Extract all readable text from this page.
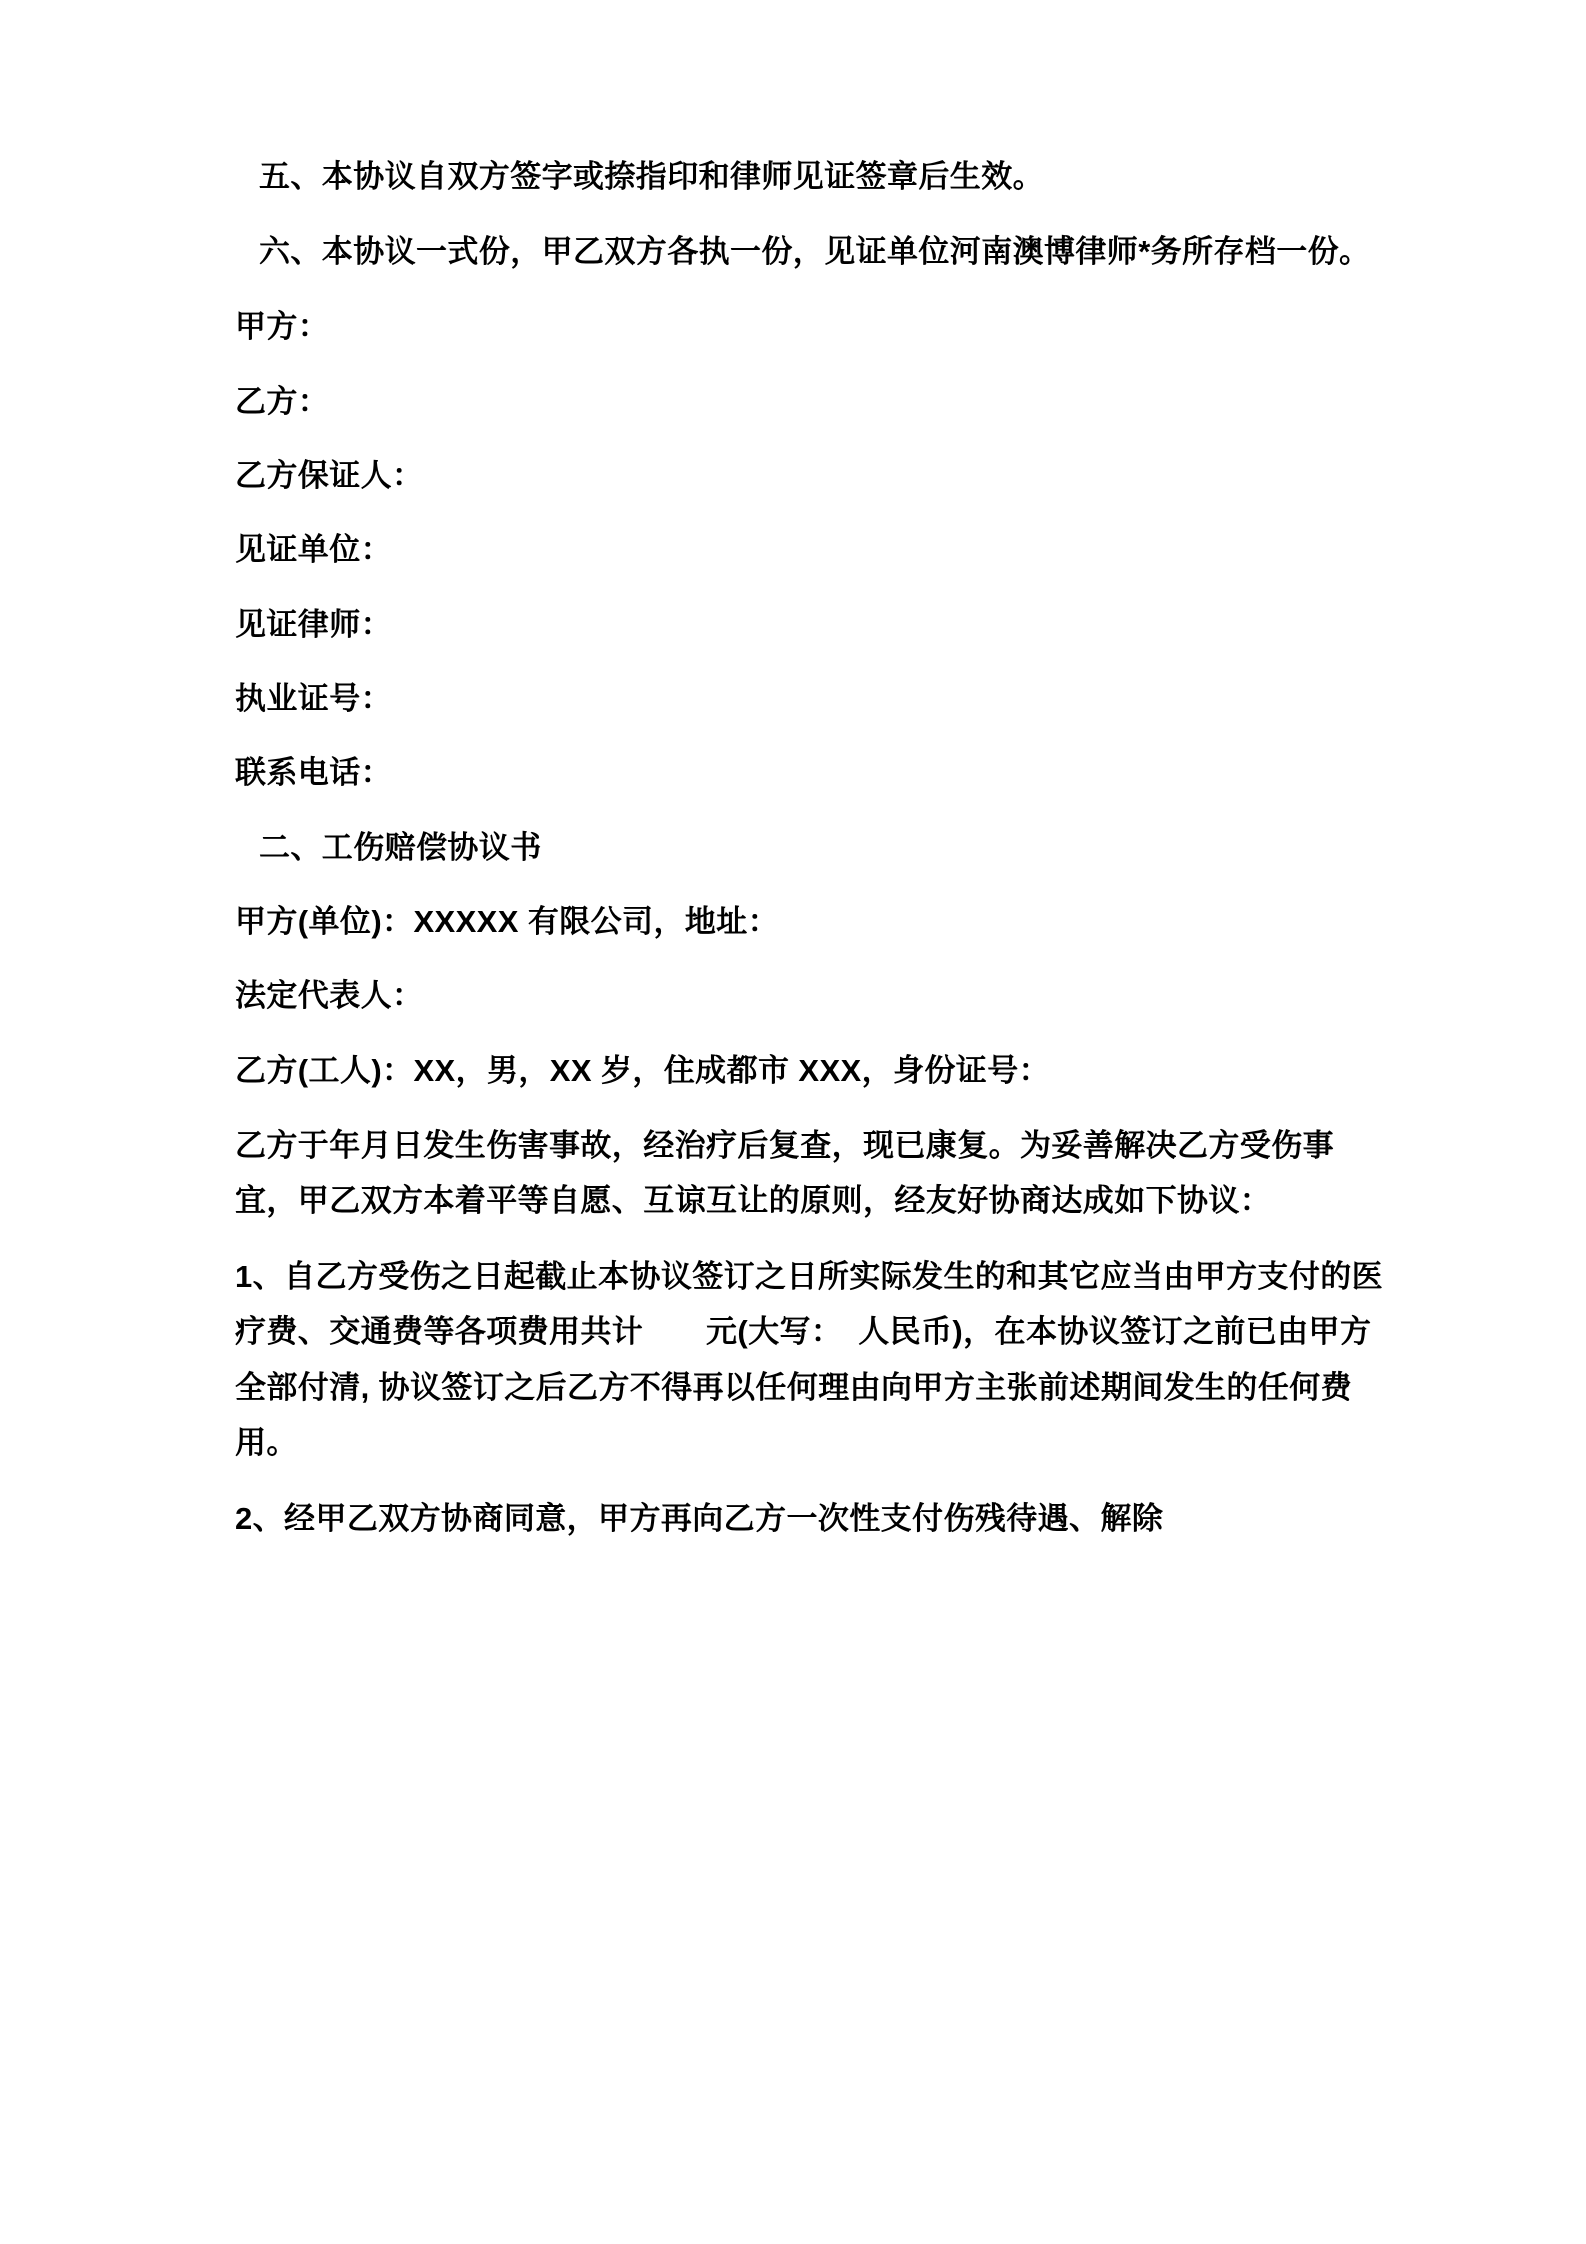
五、本协议自双方签字或捺指印和律师见证签章后生效。

六、本协议一式份，甲乙双方各执一份，见证单位河南澳博律师*务所存档一份。

甲方：

乙方：

乙方保证人：

见证单位：

见证律师：

执业证号：

联系电话：

二、工伤赔偿协议书

甲方(单位)：XXXXX 有限公司，地址：

法定代表人：

乙方(工人)：XX，男，XX 岁，住成都市 XXX，身份证号：

乙方于年月日发生伤害事故，经治疗后复查，现已康复。为妥善解决乙方受伤事宜，甲乙双方本着平等自愿、互谅互让的原则，经友好协商达成如下协议：

1、自乙方受伤之日起截止本协议签订之日所实际发生的和其它应当由甲方支付的医疗费、交通费等各项费用共计　　元(大写：　人民币)，在本协议签订之前已由甲方全部付清, 协议签订之后乙方不得再以任何理由向甲方主张前述期间发生的任何费用。

2、经甲乙双方协商同意，甲方再向乙方一次性支付伤残待遇、解除
